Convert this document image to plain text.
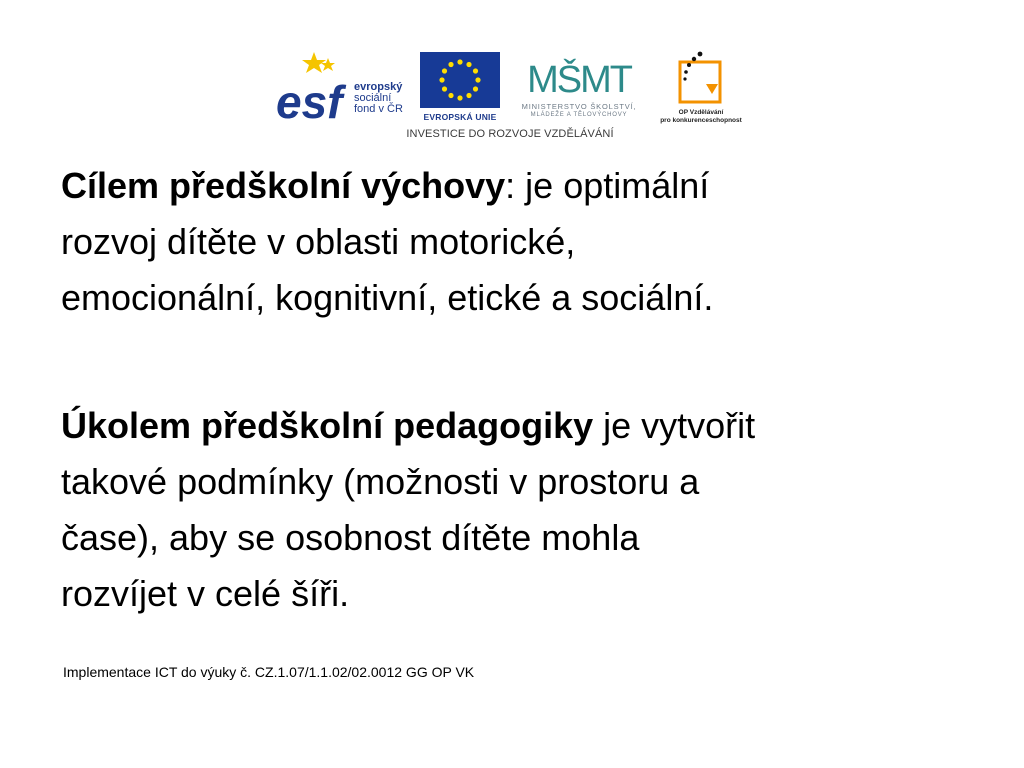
esf	evropský
sociální
fond v ČR
EVROPSKÁ UNIE
MŠMT
MINISTERSTVO ŠKOLSTVÍ,
MLÁDEŽE A TĚLOVÝCHOVY	OP Vzdělávání
pro konkurenceschopnost
INVESTICE DO ROZVOJE VZDĚLÁVÁNÍ

Cílem předškolní výchovy: je optimální
rozvoj dítěte v oblasti motorické,
emocionální, kognitivní, etické a sociální.

Úkolem předškolní pedagogiky je vytvořit
takové podmínky (možnosti v prostoru a
čase), aby se osobnost dítěte mohla
rozvíjet v celé šíři.

Implementace ICT do výuky č. CZ.1.07/1.1.02/02.0012 GG OP VK
